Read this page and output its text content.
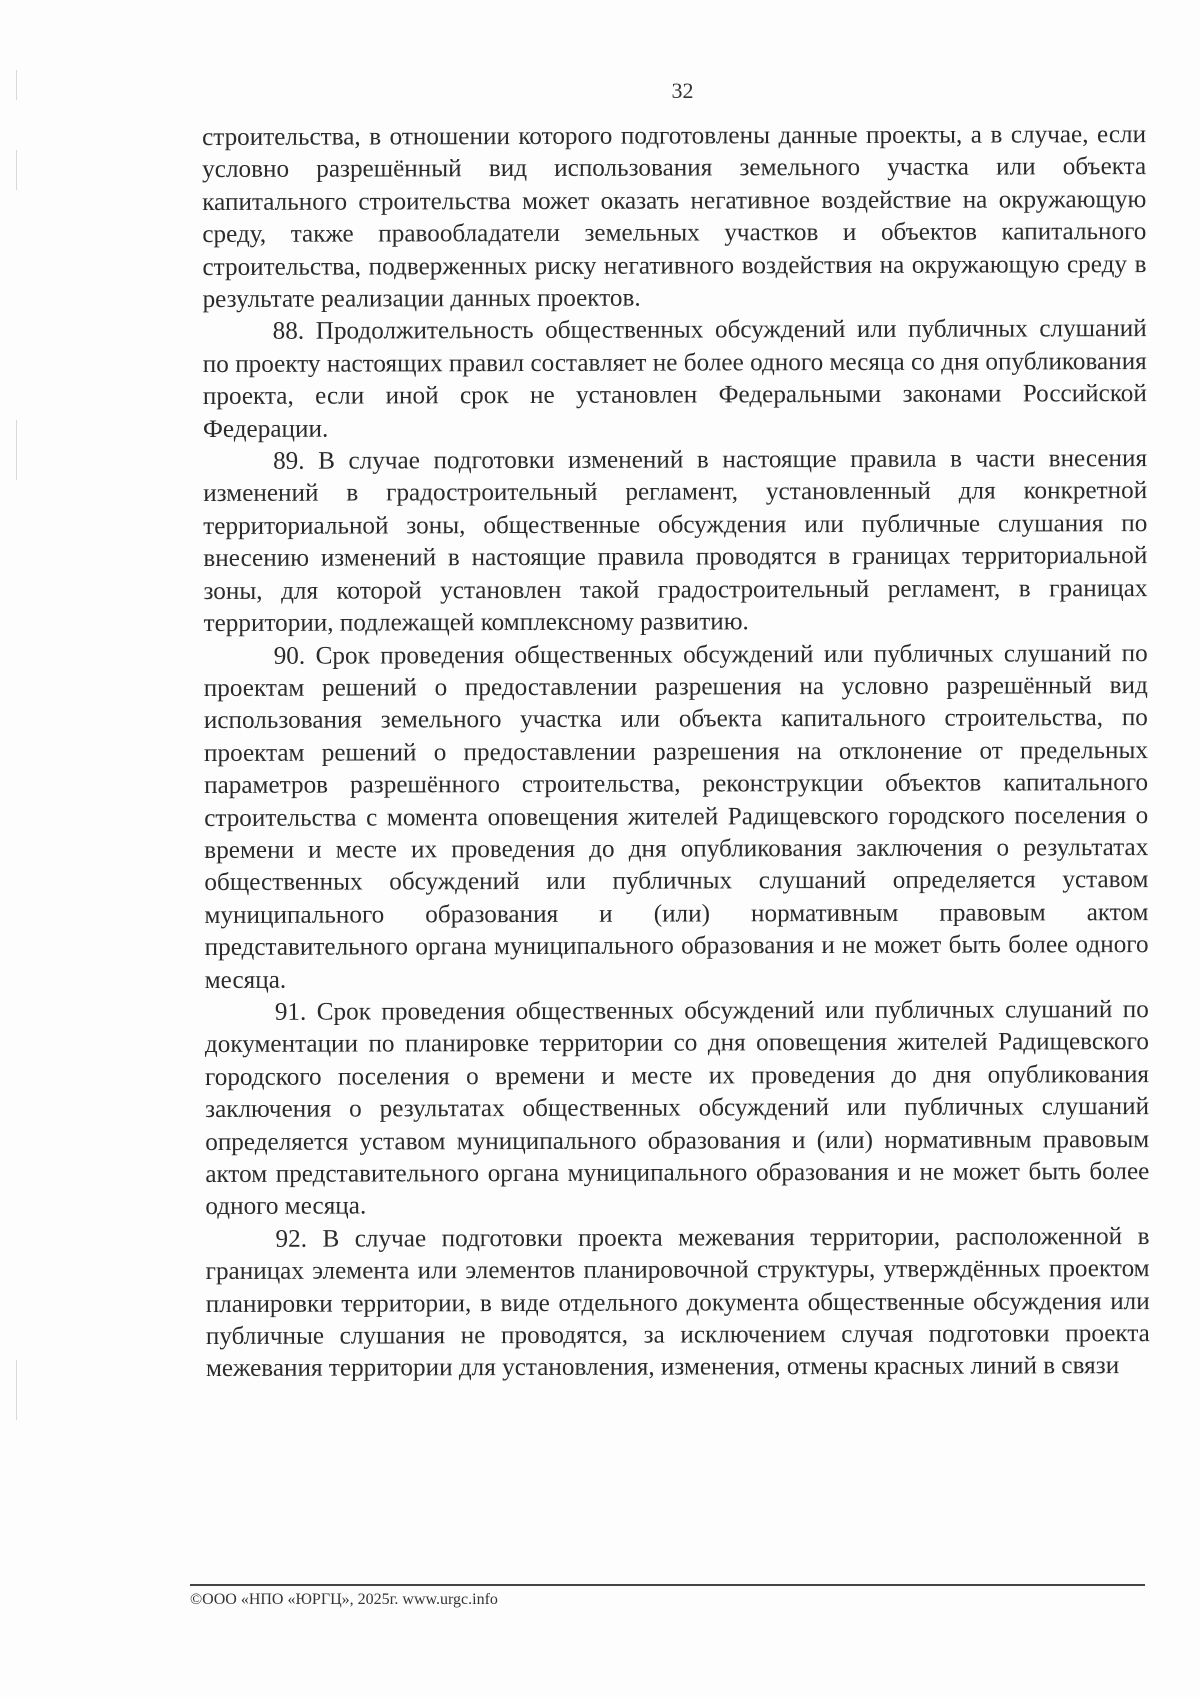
32

строительства, в отношении которого подготовлены данные проекты, а в случае, если условно разрешённый вид использования земельного участка или объекта капитального строительства может оказать негативное воздействие на окружающую среду, также правообладатели земельных участков и объектов капитального строительства, подверженных риску негативного воздействия на окружающую среду в результате реализации данных проектов.

88. Продолжительность общественных обсуждений или публичных слушаний по проекту настоящих правил составляет не более одного месяца со дня опубликования проекта, если иной срок не установлен Федеральными законами Российской Федерации.

89. В случае подготовки изменений в настоящие правила в части внесения изменений в градостроительный регламент, установленный для конкретной территориальной зоны, общественные обсуждения или публичные слушания по внесению изменений в настоящие правила проводятся в границах территориальной зоны, для которой установлен такой градостроительный регламент, в границах территории, подлежащей комплексному развитию.

90. Срок проведения общественных обсуждений или публичных слушаний по проектам решений о предоставлении разрешения на условно разрешённый вид использования земельного участка или объекта капитального строительства, по проектам решений о предоставлении разрешения на отклонение от предельных параметров разрешённого строительства, реконструкции объектов капитального строительства с момента оповещения жителей Радищевского городского поселения о времени и месте их проведения до дня опубликования заключения о результатах общественных обсуждений или публичных слушаний определяется уставом муниципального образования и (или) нормативным правовым актом представительного органа муниципального образования и не может быть более одного месяца.

91. Срок проведения общественных обсуждений или публичных слушаний по документации по планировке территории со дня оповещения жителей Радищевского городского поселения о времени и месте их проведения до дня опубликования заключения о результатах общественных обсуждений или публичных слушаний определяется уставом муниципального образования и (или) нормативным правовым актом представительного органа муниципального образования и не может быть более одного месяца.

92. В случае подготовки проекта межевания территории, расположенной в границах элемента или элементов планировочной структуры, утверждённых проектом планировки территории, в виде отдельного документа общественные обсуждения или публичные слушания не проводятся, за исключением случая подготовки проекта межевания территории для установления, изменения, отмены красных линий в связи

©ООО «НПО «ЮРГЦ», 2025г. www.urgc.info
